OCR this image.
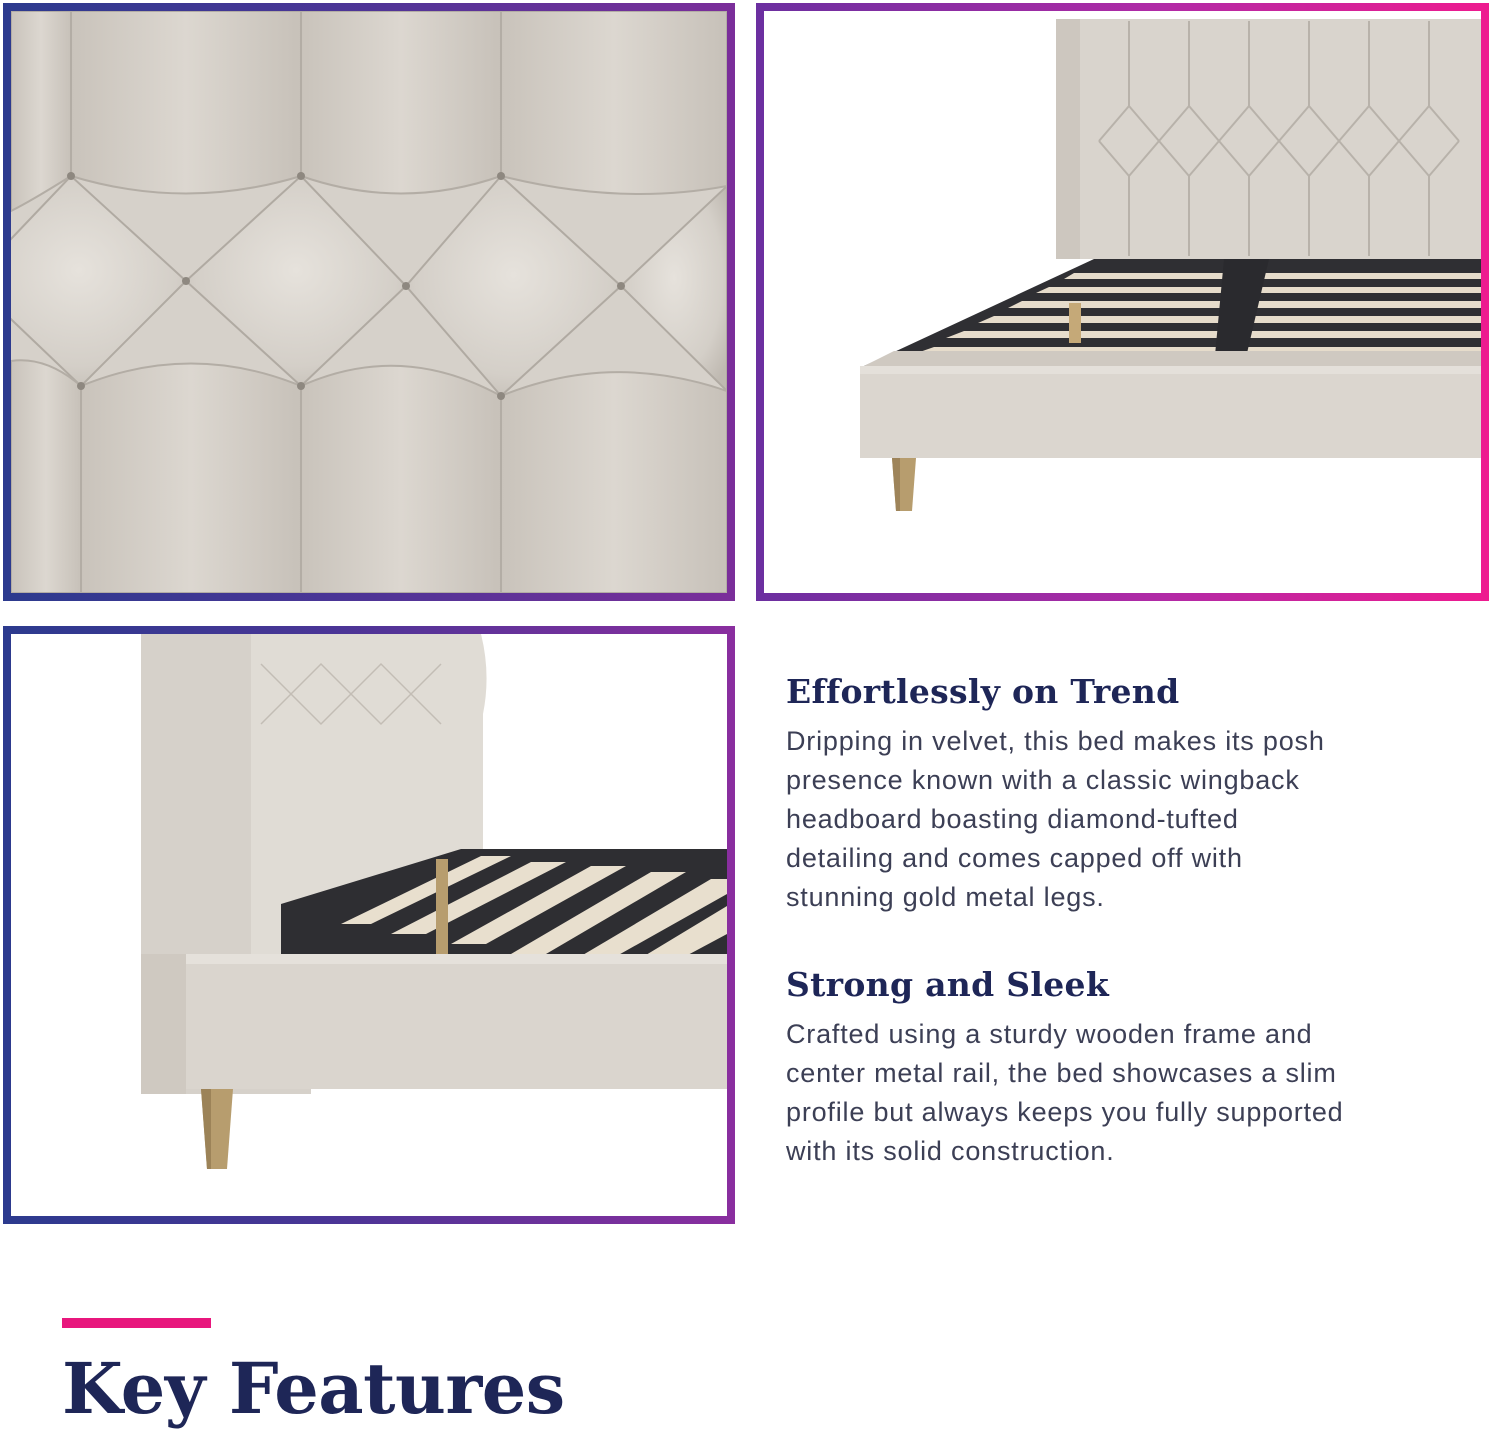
Effortlessly on Trend

Dripping in velvet, this bed makes its posh
presence known with a classic wingback
headboard boasting diamond-tufted
detailing and comes capped off with
stunning gold metal legs.

Strong and Sleek

Crafted using a sturdy wooden frame and
center metal rail, the bed showcases a slim
profile but always keeps you fully supported
with its solid construction.

Key Features
